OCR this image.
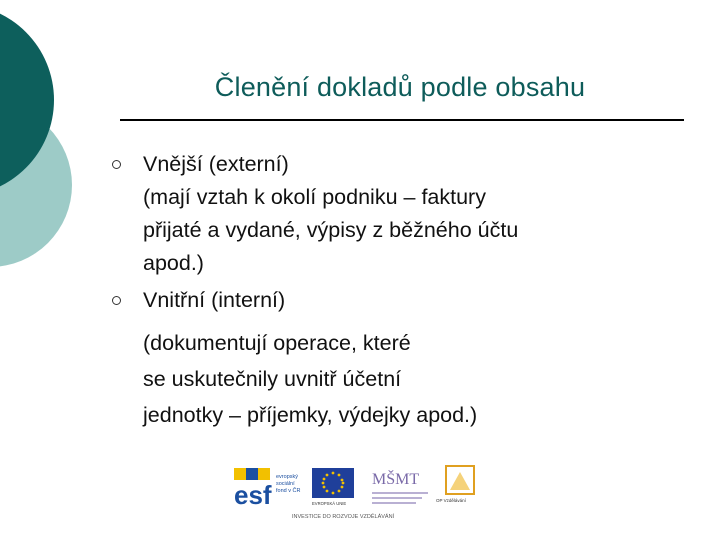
Členění dokladů podle obsahu
Vnější (externí)
(mají vztah k okolí podniku – faktury
přijaté a vydané, výpisy z běžného účtu
apod.)
Vnitřní (interní)
(dokumentují operace, které
se uskutečnily uvnitř účetní
jednotky – příjemky, výdejky apod.)
esf
evropský
sociální
fond v ČR
EVROPSKÁ UNIE
MŠMT
OP Vzdělávání
INVESTICE DO ROZVOJE VZDĚLÁVÁNÍ
